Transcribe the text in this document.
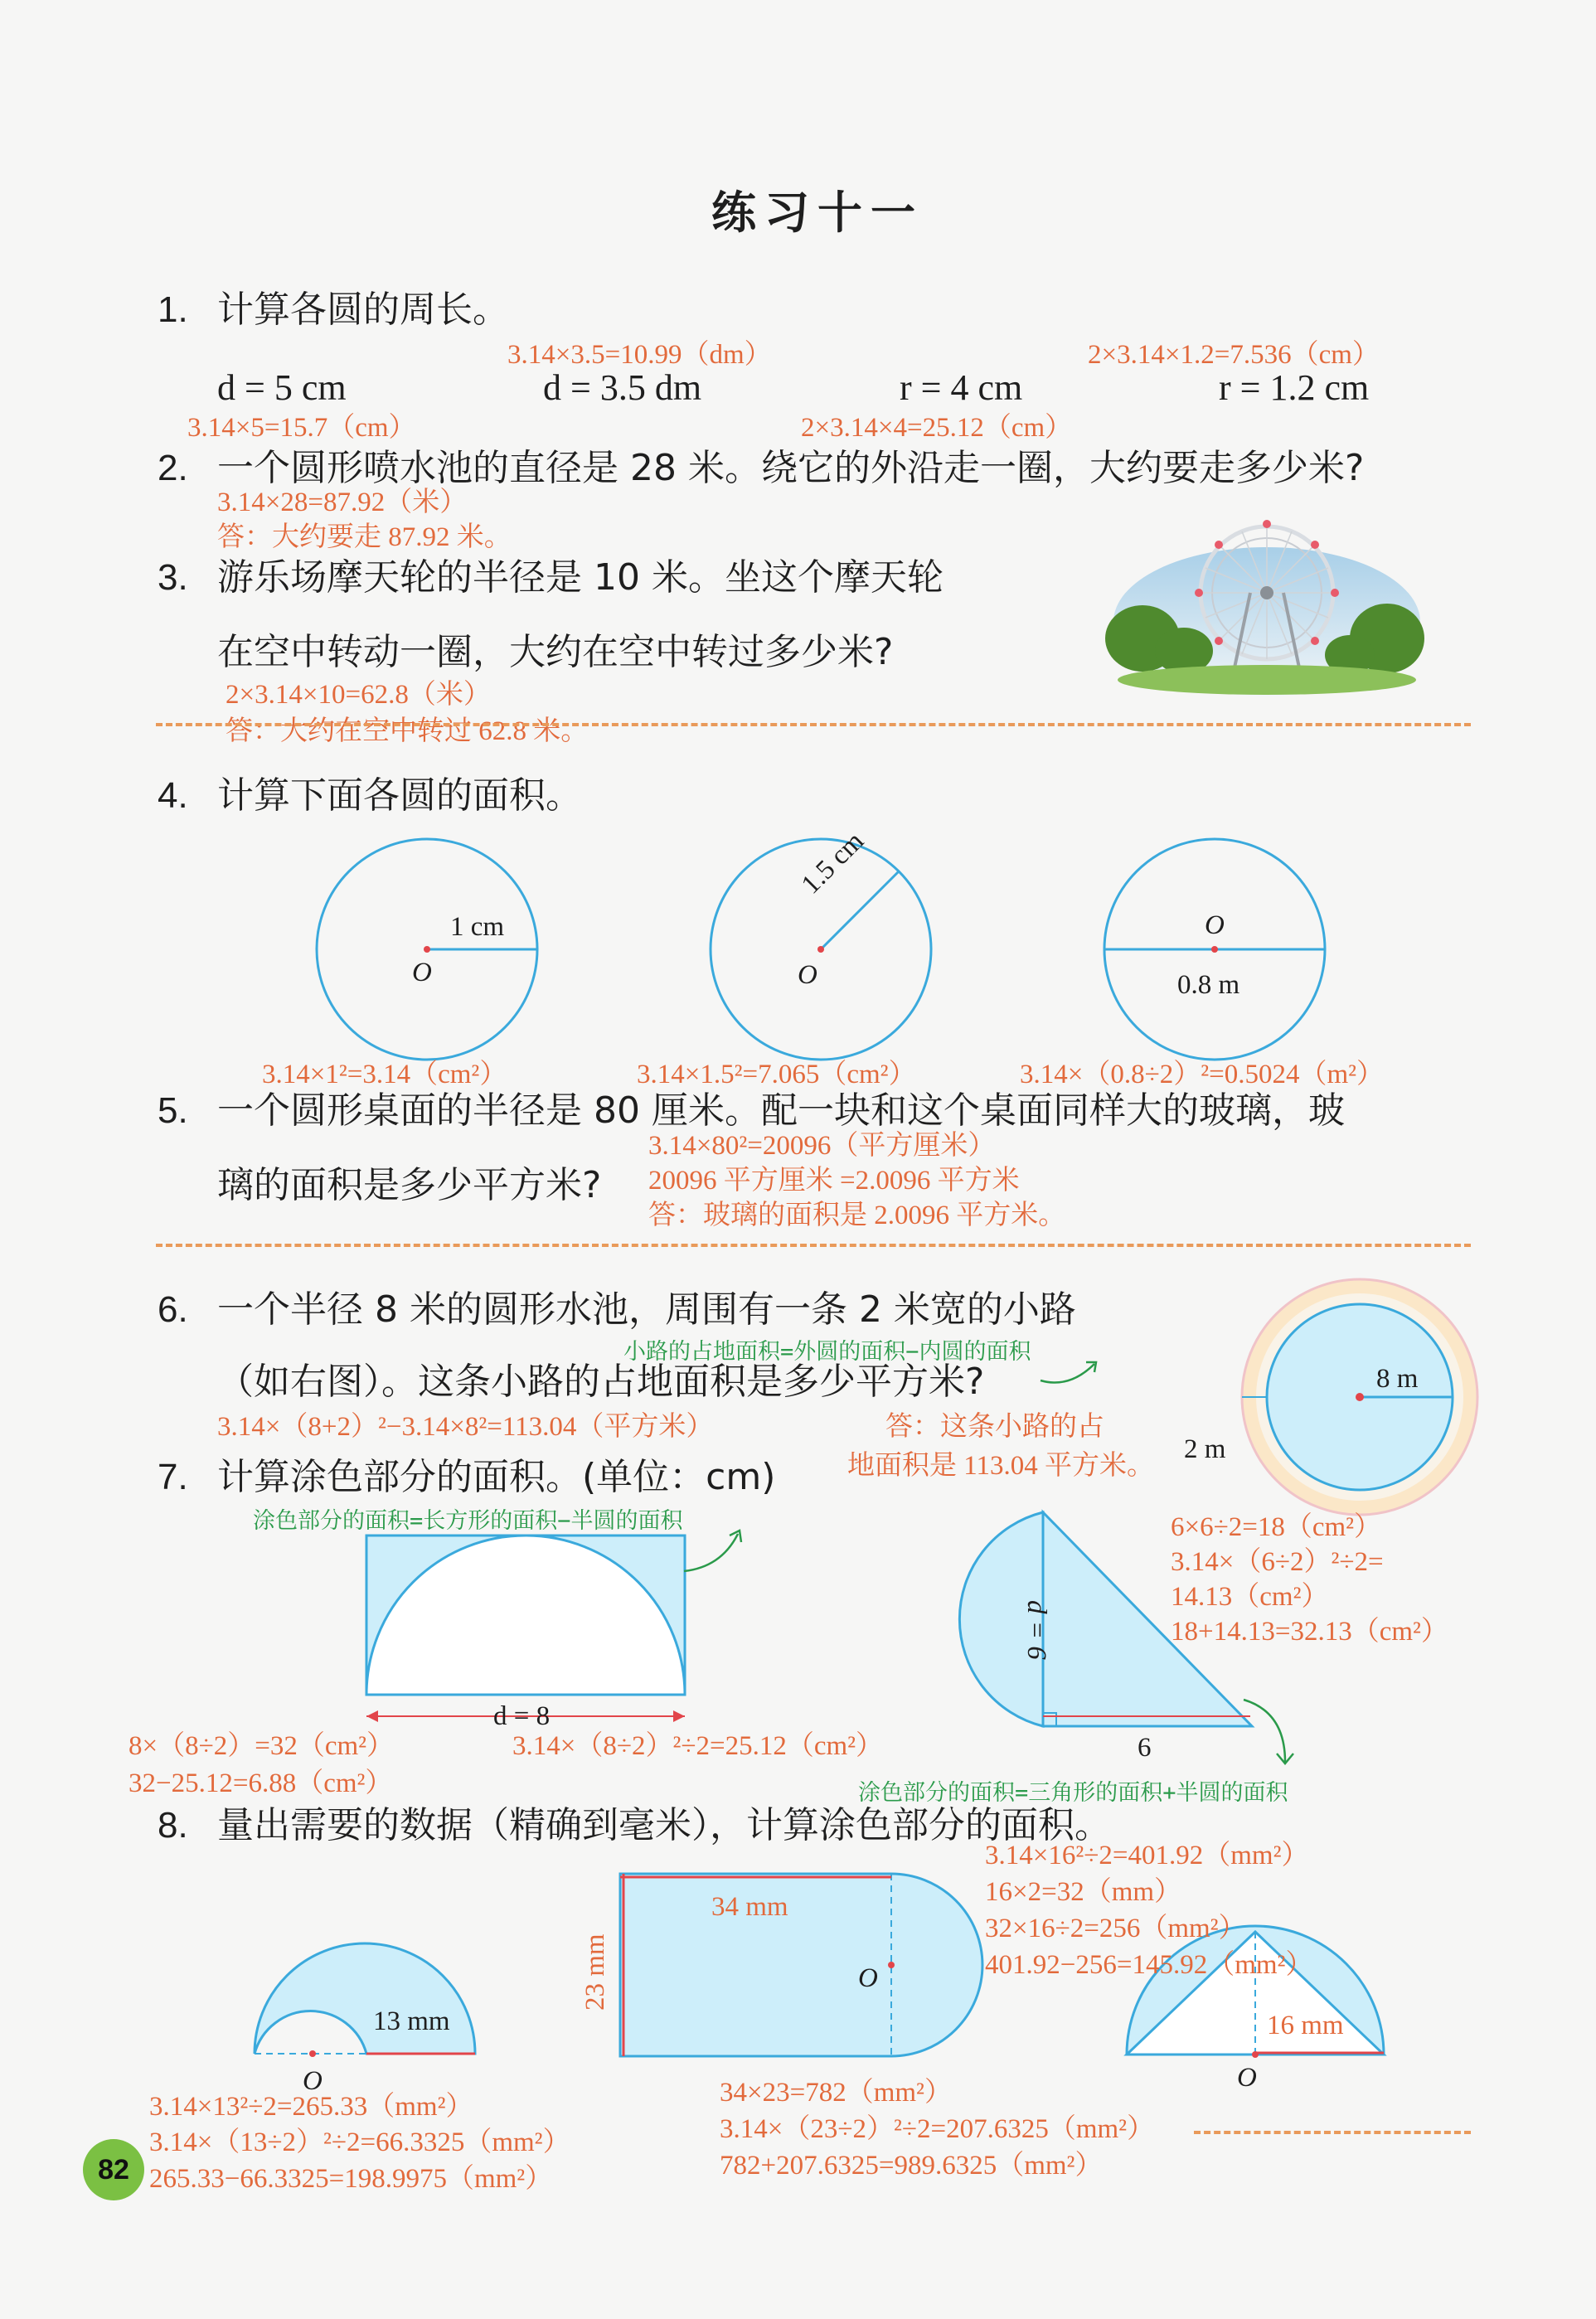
练习十一
1. 计算各圆的周长。
d = 5 cm
3.14×5=15.7（cm）
d = 3.5 dm
3.14×3.5=10.99（dm）
r = 4 cm
2×3.14×4=25.12（cm）
r = 1.2 cm
2×3.14×1.2=7.536（cm）
2. 一个圆形喷水池的直径是 28 米。绕它的外沿走一圈，大约要走多少米?
3.14×28=87.92（米）
答：大约要走 87.92 米。
3. 游乐场摩天轮的半径是 10 米。坐这个摩天轮
在空中转动一圈，大约在空中转过多少米?
2×3.14×10=62.8（米）
答：大约在空中转过 62.8 米。
4. 计算下面各圆的面积。
1 cm
O
3.14×1²=3.14（cm²）
1.5 cm
O
3.14×1.5²=7.065（cm²）
O
0.8 m
3.14×（0.8÷2）²=0.5024（m²）
5. 一个圆形桌面的半径是 80 厘米。配一块和这个桌面同样大的玻璃，玻
璃的面积是多少平方米?
3.14×80²=20096（平方厘米）
20096 平方厘米 =2.0096 平方米
答：玻璃的面积是 2.0096 平方米。
6. 一个半径 8 米的圆形水池，周围有一条 2 米宽的小路
（如右图）。这条小路的占地面积是多少平方米?
小路的占地面积=外圆的面积−内圆的面积
3.14×（8+2）²−3.14×8²=113.04（平方米）	答：这条小路的占
地面积是 113.04 平方米。
8 m
2 m
7. 计算涂色部分的面积。(单位：cm)
涂色部分的面积=长方形的面积−半圆的面积
d = 8
8×（8÷2）=32（cm²）	3.14×（8÷2）²÷2=25.12（cm²）
32−25.12=6.88（cm²）
d = 6
6
6×6÷2=18（cm²）
3.14×（6÷2）²÷2=
14.13（cm²）
18+14.13=32.13（cm²）
涂色部分的面积=三角形的面积+半圆的面积
8. 量出需要的数据（精确到毫米），计算涂色部分的面积。
13 mm
O
3.14×13²÷2=265.33（mm²）
3.14×（13÷2）²÷2=66.3325（mm²）
265.33−66.3325=198.9975（mm²）
34 mm
23 mm	O
34×23=782（mm²）
3.14×（23÷2）²÷2=207.6325（mm²）
782+207.6325=989.6325（mm²）
16 mm
O
3.14×16²÷2=401.92（mm²）
16×2=32（mm）
32×16÷2=256（mm²）
401.92−256=145.92（mm²）
82
